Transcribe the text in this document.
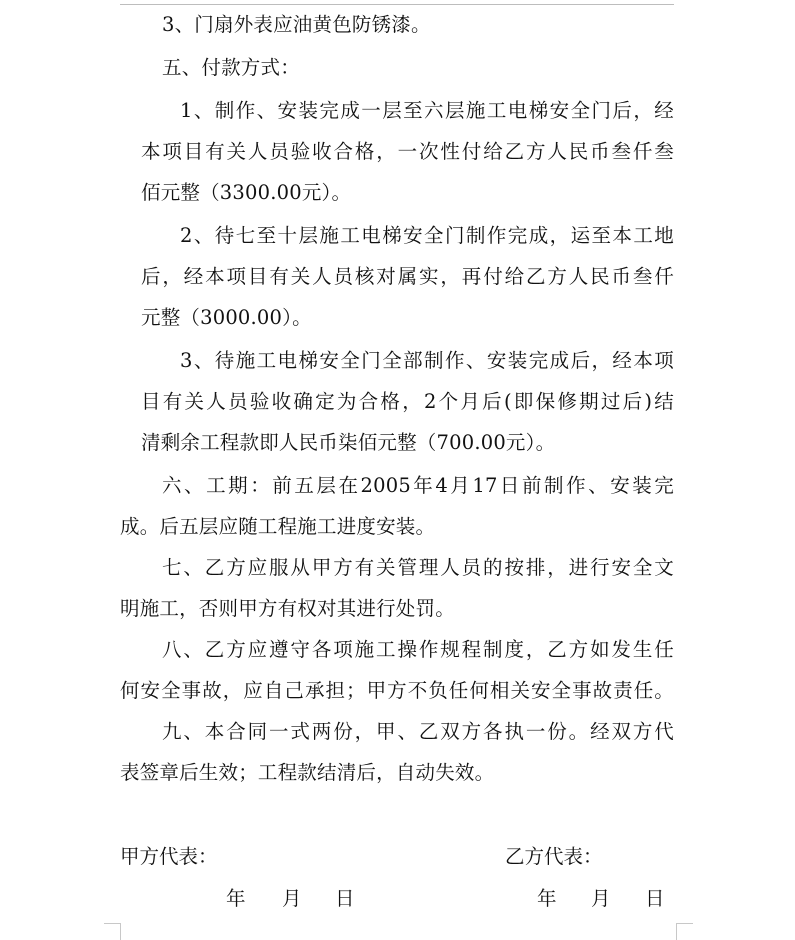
3、门扇外表应油黄色防锈漆。
五、付款方式：
1、制作、安装完成一层至六层施工电梯安全门后，经
本项目有关人员验收合格，一次性付给乙方人民币叁仟叁
佰元整（3300.00元）。
2、待七至十层施工电梯安全门制作完成，运至本工地
后，经本项目有关人员核对属实，再付给乙方人民币叁仟
元整（3000.00）。
3、待施工电梯安全门全部制作、安装完成后，经本项
目有关人员验收确定为合格，2个月后(即保修期过后)结
清剩余工程款即人民币柒佰元整（700.00元）。
六、工期：前五层在2005年4月17日前制作、安装完
成。后五层应随工程施工进度安装。
七、乙方应服从甲方有关管理人员的按排，进行安全文
明施工，否则甲方有权对其进行处罚。
八、乙方应遵守各项施工操作规程制度，乙方如发生任
何安全事故，应自己承担；甲方不负任何相关安全事故责任。
九、本合同一式两份，甲、乙双方各执一份。经双方代
表签章后生效；工程款结清后，自动失效。
甲方代表：	乙方代表：
年 月 日	年 月 日
